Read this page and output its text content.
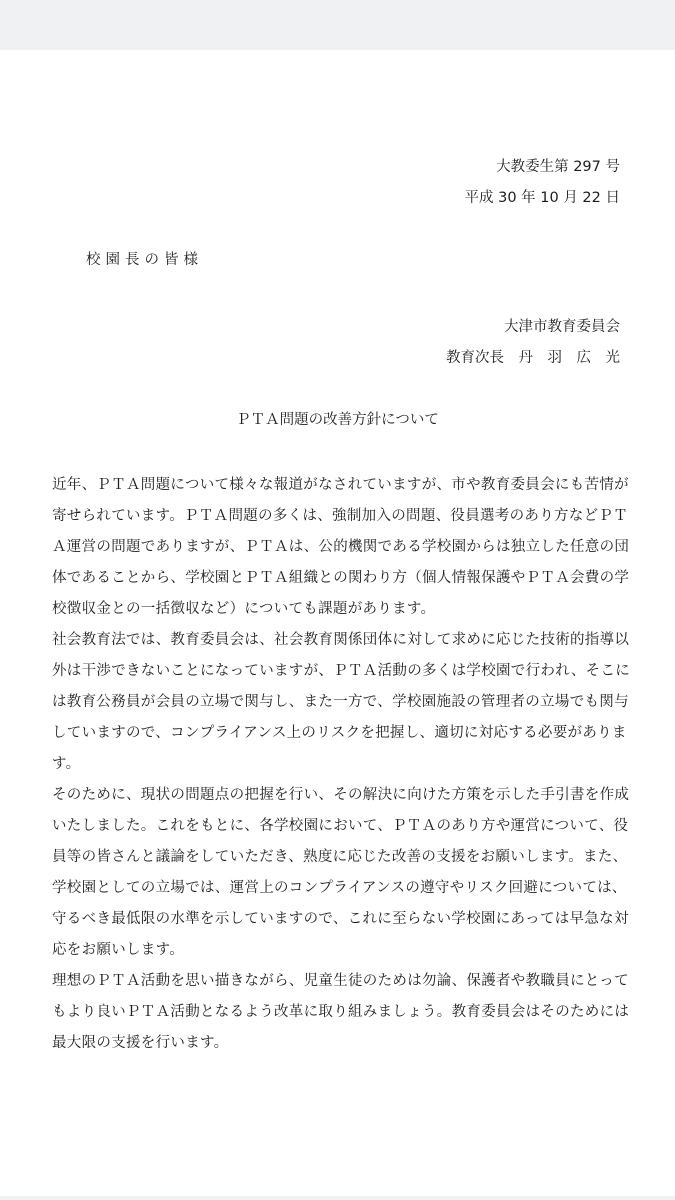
大教委生第 297 号
平成 30 年 10 月 22 日
校園長の皆様
大津市教育委員会
教育次長　丹　羽　広　光
ＰＴＡ問題の改善方針について

近年、ＰＴＡ問題について様々な報道がなされていますが、市や教育委員会にも苦情が寄せられています。ＰＴＡ問題の多くは、強制加入の問題、役員選考のあり方などＰＴＡ運営の問題でありますが、ＰＴＡは、公的機関である学校園からは独立した任意の団体であることから、学校園とＰＴＡ組織との関わり方（個人情報保護やＰＴＡ会費の学校徴収金との一括徴収など）についても課題があります。

社会教育法では、教育委員会は、社会教育関係団体に対して求めに応じた技術的指導以外は干渉できないことになっていますが、ＰＴＡ活動の多くは学校園で行われ、そこには教育公務員が会員の立場で関与し、また一方で、学校園施設の管理者の立場でも関与していますので、コンプライアンス上のリスクを把握し、適切に対応する必要があります。

そのために、現状の問題点の把握を行い、その解決に向けた方策を示した手引書を作成いたしました。これをもとに、各学校園において、ＰＴＡのあり方や運営について、役員等の皆さんと議論をしていただき、熟度に応じた改善の支援をお願いします。また、学校園としての立場では、運営上のコンプライアンスの遵守やリスク回避については、守るべき最低限の水準を示していますので、これに至らない学校園にあっては早急な対応をお願いします。

理想のＰＴＡ活動を思い描きながら、児童生徒のためは勿論、保護者や教職員にとってもより良いＰＴＡ活動となるよう改革に取り組みましょう。教育委員会はそのためには最大限の支援を行います。
